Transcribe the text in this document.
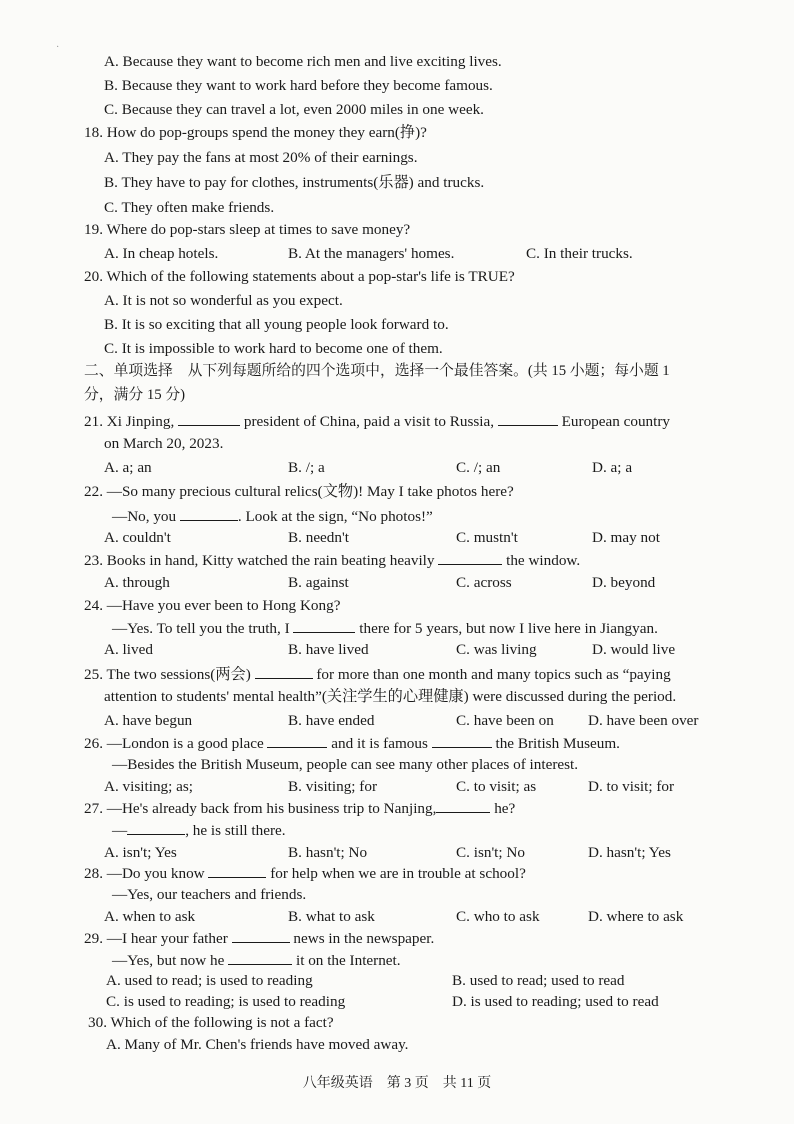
·
A. Because they want to become rich men and live exciting lives.
B. Because they want to work hard before they become famous.
C. Because they can travel a lot, even 2000 miles in one week.
18. How do pop-groups spend the money they earn(挣)?
A. They pay the fans at most 20% of their earnings.
B. They have to pay for clothes, instruments(乐器) and trucks.
C. They often make friends.
19. Where do pop-stars sleep at times to save money?
A. In cheap hotels.	B. At the managers' homes.	C. In their trucks.
20. Which of the following statements about a pop-star's life is TRUE?
A. It is not so wonderful as you expect.
B. It is so exciting that all young people look forward to.
C. It is impossible to work hard to become one of them.
二、单项选择　从下列每题所给的四个选项中，选择一个最佳答案。(共 15 小题；每小题 1
分，满分 15 分)
21. Xi Jinping,	president of China, paid a visit to Russia,	European country
on March 20, 2023.
A. a; an	B. /; a	C. /; an	D. a; a
22. —So many precious cultural relics(文物)! May I take photos here?
—No, you	. Look at the sign, “No photos!”
A. couldn't	B. needn't	C. mustn't	D. may not
23. Books in hand, Kitty watched the rain beating heavily	the window.
A. through	B. against	C. across	D. beyond
24. —Have you ever been to Hong Kong?
—Yes. To tell you the truth, I	there for 5 years, but now I live here in Jiangyan.
A. lived	B. have lived	C. was living	D. would live
25. The two sessions(两会)	for more than one month and many topics such as “paying
attention to students' mental health”(关注学生的心理健康) were discussed during the period.
A. have begun	B. have ended	C. have been on D. have been over
26. —London is a good place	and it is famous	the British Museum.
—Besides the British Museum, people can see many other places of interest.
A. visiting; as;	B. visiting; for	C. to visit; as	D. to visit; for
27. —He's already back from his business trip to Nanjing,	he?
—	, he is still there.
A. isn't; Yes	B. hasn't; No	C. isn't; No	D. hasn't; Yes
28. —Do you know	for help when we are in trouble at school?
—Yes, our teachers and friends.
A. when to ask	B. what to ask	C. who to ask	D. where to ask
29. —I hear your father	news in the newspaper.
—Yes, but now he	it on the Internet.
A. used to read; is used to reading	B. used to read; used to read
C. is used to reading; is used to reading	D. is used to reading; used to read
30. Which of the following is not a fact?
A. Many of Mr. Chen's friends have moved away.
八年级英语　第 3 页　共 11 页
